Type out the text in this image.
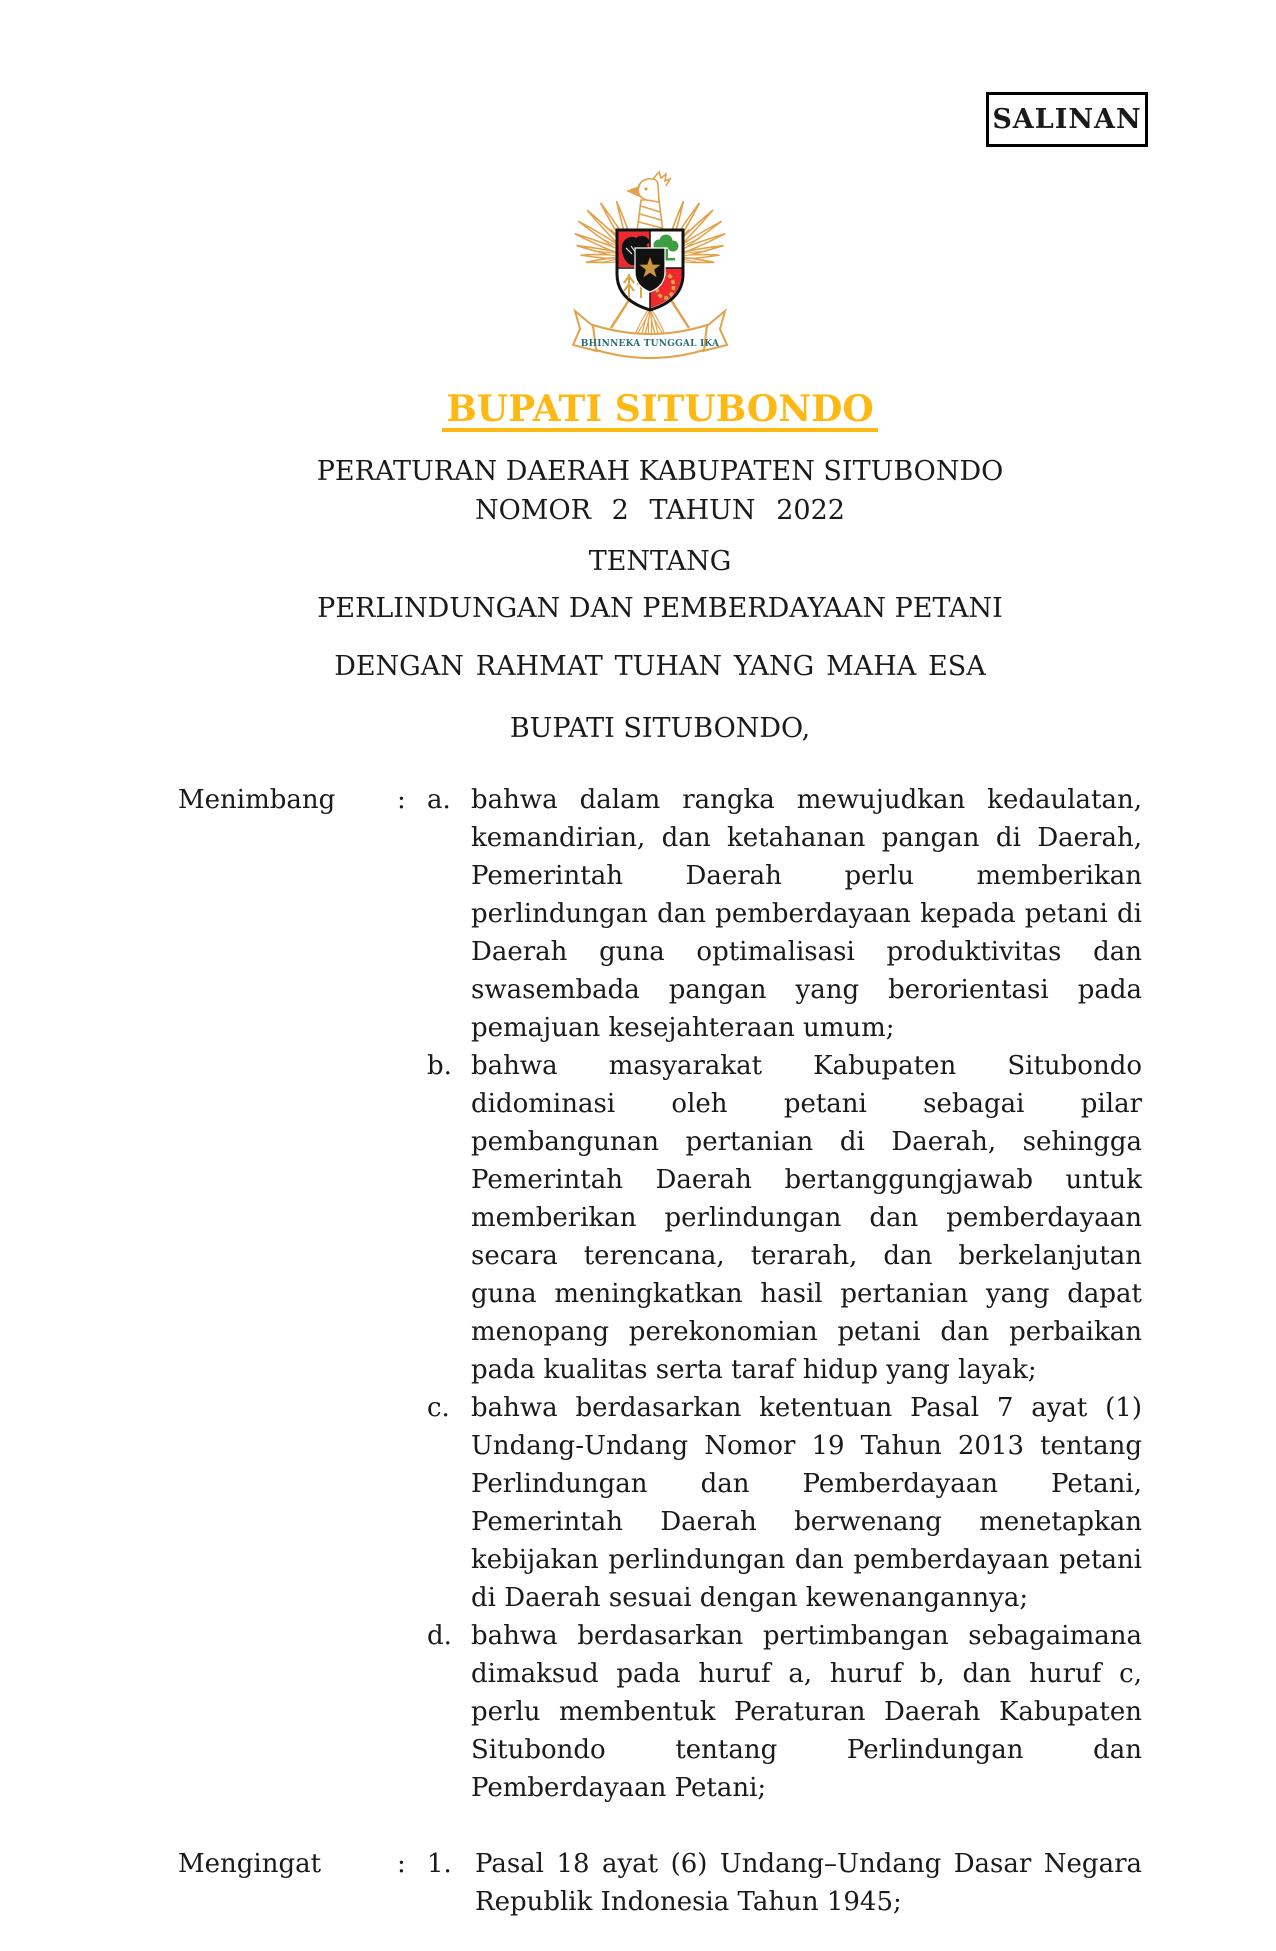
SALINAN
BHINNEKA TUNGGAL IKA
BUPATI SITUBONDO
PERATURAN DAERAH KABUPATEN SITUBONDO
NOMOR 2 TAHUN 2022
TENTANG
PERLINDUNGAN DAN PEMBERDAYAAN PETANI
DENGAN RAHMAT TUHAN YANG MAHA ESA
BUPATI SITUBONDO,
Menimbang	: a. bahwa dalam rangka mewujudkan kedaulatan, kemandirian, dan ketahanan pangan di Daerah, Pemerintah Daerah perlu memberikan perlindungan dan pemberdayaan kepada petani di Daerah guna optimalisasi produktivitas dan swasembada pangan yang berorientasi pada pemajuan kesejahteraan umum;
b. bahwa masyarakat Kabupaten Situbondo didominasi oleh petani sebagai pilar pembangunan pertanian di Daerah, sehingga Pemerintah Daerah bertanggungjawab untuk memberikan perlindungan dan pemberdayaan secara terencana, terarah, dan berkelanjutan guna meningkatkan hasil pertanian yang dapat menopang perekonomian petani dan perbaikan pada kualitas serta taraf hidup yang layak;
c. bahwa berdasarkan ketentuan Pasal 7 ayat (1) Undang-Undang Nomor 19 Tahun 2013 tentang Perlindungan dan Pemberdayaan Petani, Pemerintah Daerah berwenang menetapkan kebijakan perlindungan dan pemberdayaan petani di Daerah sesuai dengan kewenangannya;
d. bahwa berdasarkan pertimbangan sebagaimana dimaksud pada huruf a, huruf b, dan huruf c, perlu membentuk Peraturan Daerah Kabupaten Situbondo tentang Perlindungan dan Pemberdayaan Petani;
Mengingat	: 1. Pasal 18 ayat (6) Undang–Undang Dasar Negara Republik Indonesia Tahun 1945;
